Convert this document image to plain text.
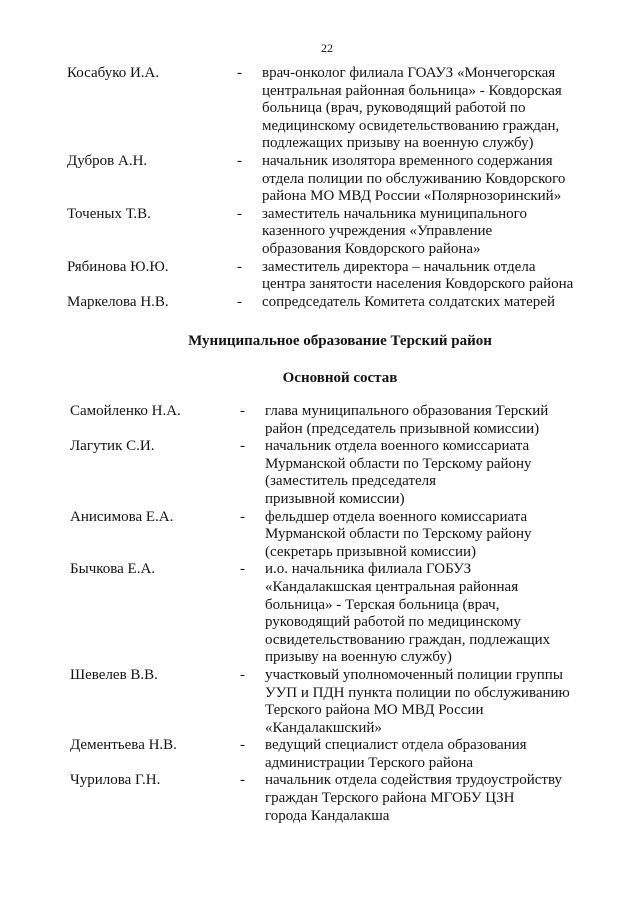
22
Косабуко И.А.	- врач-онколог филиала ГОАУЗ «Мончегорская
центральная районная больница» - Ковдорская
больница (врач, руководящий работой по
медицинскому освидетельствованию граждан,
подлежащих призыву на военную службу)
Дубров А.Н.	- начальник изолятора временного содержания
отдела полиции по обслуживанию Ковдорского
района МО МВД России «Полярнозоринский»
Точеных Т.В.	- заместитель начальника муниципального
казенного учреждения «Управление
образования Ковдорского района»
Рябинова Ю.Ю.	- заместитель директора – начальник отдела
центра занятости населения Ковдорского района
Маркелова Н.В.	- сопредседатель Комитета солдатских матерей
Муниципальное образование Терский район
Основной состав
Самойленко Н.А.	- глава муниципального образования Терский
район (председатель призывной комиссии)
Лагутик С.И.	- начальник отдела военного комиссариата
Мурманской области по Терскому району
(заместитель председателя
призывной комиссии)
Анисимова Е.А.	- фельдшер отдела военного комиссариата
Мурманской области по Терскому району
(секретарь призывной комиссии)
Бычкова Е.А.	- и.о. начальника филиала ГОБУЗ
«Кандалакшская центральная районная
больница» - Терская больница (врач,
руководящий работой по медицинскому
освидетельствованию граждан, подлежащих
призыву на военную службу)
Шевелев В.В.	- участковый уполномоченный полиции группы
УУП и ПДН пункта полиции по обслуживанию
Терского района МО МВД России
«Кандалакшский»
Дементьева Н.В.	- ведущий специалист отдела образования
администрации Терского района
Чурилова Г.Н.	- начальник отдела содействия трудоустройству
граждан Терского района МГОБУ ЦЗН
города Кандалакша
